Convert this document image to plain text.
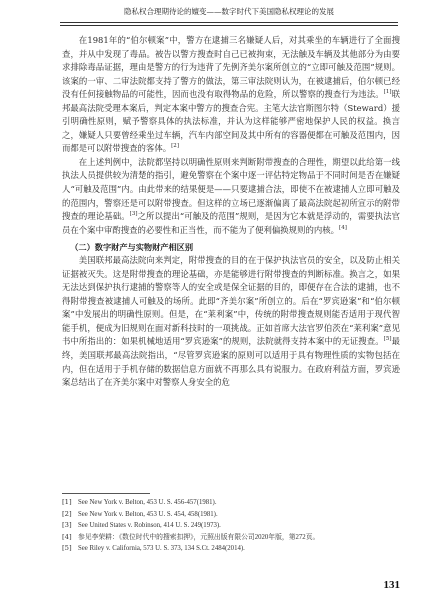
隐私权合理期待论的嬗变——数字时代下美国隐私权理论的发展

在1981年的“伯尔顿案”中，警方在逮捕三名嫌疑人后，对其乘坐的车辆进行了全面搜查，并从中发现了毒品。被告以警方搜查时自己已被拘束，无法触及车辆及其他部分为由要求排除毒品证据，理由是警方的行为违背了先例齐美尔案所创立的“立即可触及范围”规则。该案的一审、二审法院都支持了警方的做法，第三审法院则认为，在被逮捕后，伯尔顿已经没有任何接触物品的可能性，因而也没有取得物品的危险，所以警察的搜查行为违法。[1]联邦最高法院受理本案后，判定本案中警方的搜查合宪。主笔大法官斯图尔特（Steward）援引明确性原则，赋予警察具体的执法标准，并认为这样能够严密地保护人民的权益。换言之，嫌疑人只要曾经乘坐过车辆，汽车内部空间及其中所有的容器便都在可触及范围内，因而都是可以附带搜查的客体。[2]

在上述判例中，法院都坚持以明确性原则来判断附带搜查的合理性，期望以此给第一线执法人员提供较为清楚的指引，避免警察在个案中逐一评估特定物品于不同时间是否在嫌疑人“可触及范围”内。由此带来的结果便是——只要逮捕合法，即使不在被逮捕人立即可触及的范围内，警察还是可以附带搜查。但这样的立场已逐渐偏离了最高法院起初所宣示的附带搜查的理论基础。[3]之所以提出“可触及的范围”规则，是因为它本就是浮动的，需要执法官员在个案中审酌搜查的必要性和正当性，而不能为了便利偏换规则的内核。[4]

（二）数字财产与实物财产相区别

美国联邦最高法院向来判定，附带搜查的目的在于保护执法官员的安全，以及防止相关证据被灭失。这是附带搜查的理论基础，亦是能够进行附带搜查的判断标准。换言之，如果无法达到保护执行逮捕的警察等人的安全或是保全证据的目的，即便存在合法的逮捕，也不得附带搜查被逮捕人可触及的场所。此即“齐美尔案”所创立的。后在“罗宾逊案”和“伯尔顿案”中发展出的明确性原则。但是，在“莱利案”中，传统的附带搜查规则能否适用于现代智能手机，便成为旧规则在面对新科技时的一项挑战。正如首席大法官罗伯茨在“莱利案”意见书中所指出的：如果机械地适用“罗宾逊案”的规则，法院就得支持本案中的无证搜查。[5]最终，美国联邦最高法院指出，“尽管罗宾逊案的原则可以适用于具有物理性质的实物包括在内，但在适用于手机存储的数据信息方面就不再那么具有说服力。在政府利益方面，罗宾逊案总结出了在齐美尔案中对警察人身安全的危

[1] See New York v. Belton, 453 U. S. 456-457(1981).
[2] See New York v. Belton, 453 U. S. 454, 458(1981).
[3] See United States v. Robinson, 414 U. S. 249(1973).
[4] 参见李荣耕：《数位时代中的搜索扣押》，元照出版有限公司2020年版，第272页。
[5] See Riley v. California, 573 U. S. 373, 134 S.Ct. 2484(2014).
131
